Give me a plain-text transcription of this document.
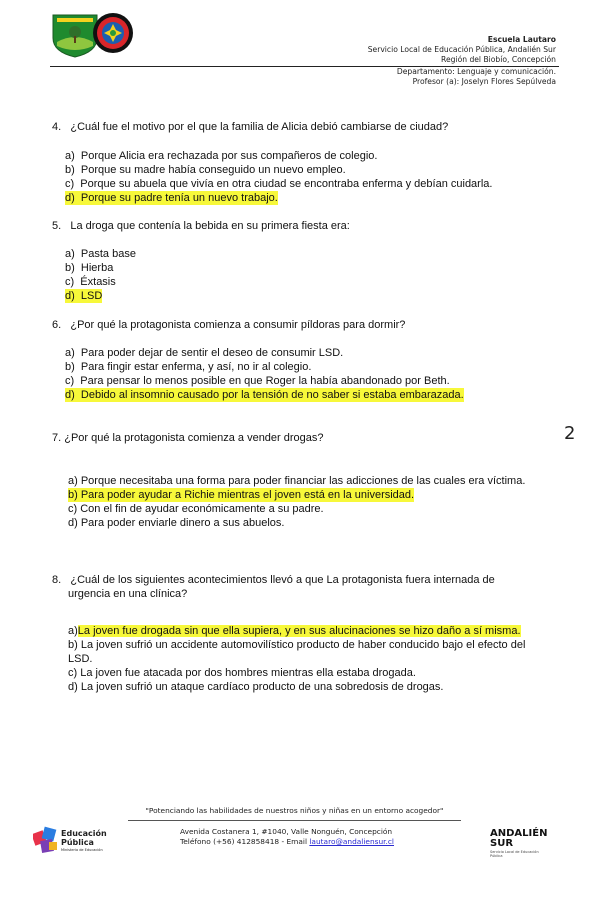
Escuela Lautaro
Servicio Local de Educación Pública, Andalién Sur
Región del Biobío, Concepción
Departamento: Lenguaje y comunicación.
Profesor (a): Joselyn Flores Sepúlveda
4. ¿Cuál fue el motivo por el que la familia de Alicia debió cambiarse de ciudad?
a) Porque Alicia era rechazada por sus compañeros de colegio.
b) Porque su madre había conseguido un nuevo empleo.
c) Porque su abuela que vivía en otra ciudad se encontraba enferma y debían cuidarla.
d) Porque su padre tenía un nuevo trabajo.
5. La droga que contenía la bebida en su primera fiesta era:
a) Pasta base
b) Hierba
c) Éxtasis
d) LSD
6. ¿Por qué la protagonista comienza a consumir píldoras para dormir?
a) Para poder dejar de sentir el deseo de consumir LSD.
b) Para fingir estar enferma, y así, no ir al colegio.
c) Para pensar lo menos posible en que Roger la había abandonado por Beth.
d) Debido al insomnio causado por la tensión de no saber si estaba embarazada.
2
7. ¿Por qué la protagonista comienza a vender drogas?
a) Porque necesitaba una forma para poder financiar las adicciones de las cuales era víctima.
b) Para poder ayudar a Richie mientras el joven está en la universidad.
c) Con el fin de ayudar económicamente a su padre.
d) Para poder enviarle dinero a sus abuelos.
8. ¿Cuál de los siguientes acontecimientos llevó a que La protagonista fuera internada de
urgencia en una clínica?
a)La joven fue drogada sin que ella supiera, y en sus alucinaciones se hizo daño a sí misma.
b) La joven sufrió un accidente automovilístico producto de haber conducido bajo el efecto del
LSD.
c) La joven fue atacada por dos hombres mientras ella estaba drogada.
d) La joven sufrió un ataque cardíaco producto de una sobredosis de drogas.
"Potenciando las habilidades de nuestros niños y niñas en un entorno acogedor"
Educación
Pública
Ministerio de Educación
Avenida Costanera 1, #1040, Valle Nonguén, Concepción
Teléfono (+56) 412858418 - Email lautaro@andaliensur.cl
ANDALIÉN
SUR
Servicio Local de Educación Pública
